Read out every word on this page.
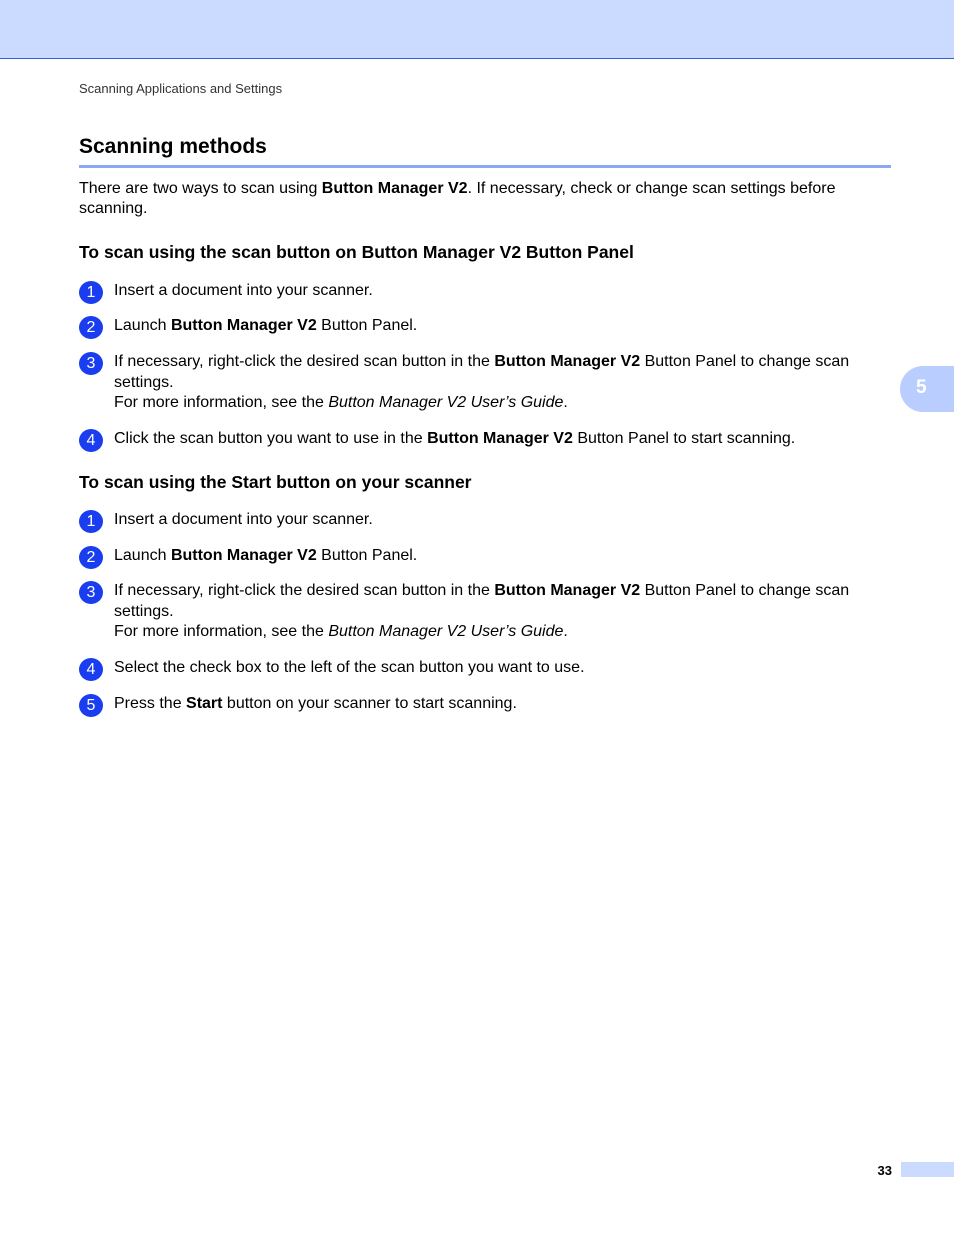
Scanning Applications and Settings
Scanning methods

There are two ways to scan using Button Manager V2. If necessary, check or change scan settings before scanning.

To scan using the scan button on Button Manager V2 Button Panel
1	Insert a document into your scanner.
2	Launch Button Manager V2 Button Panel.
3	If necessary, right-click the desired scan button in the Button Manager V2 Button Panel to change scan settings.
For more information, see the Button Manager V2 User’s Guide.
4	Click the scan button you want to use in the Button Manager V2 Button Panel to start scanning.
To scan using the Start button on your scanner
1	Insert a document into your scanner.
2	Launch Button Manager V2 Button Panel.
3	If necessary, right-click the desired scan button in the Button Manager V2 Button Panel to change scan settings.
For more information, see the Button Manager V2 User’s Guide.
4	Select the check box to the left of the scan button you want to use.
5	Press the Start button on your scanner to start scanning.
5
33
